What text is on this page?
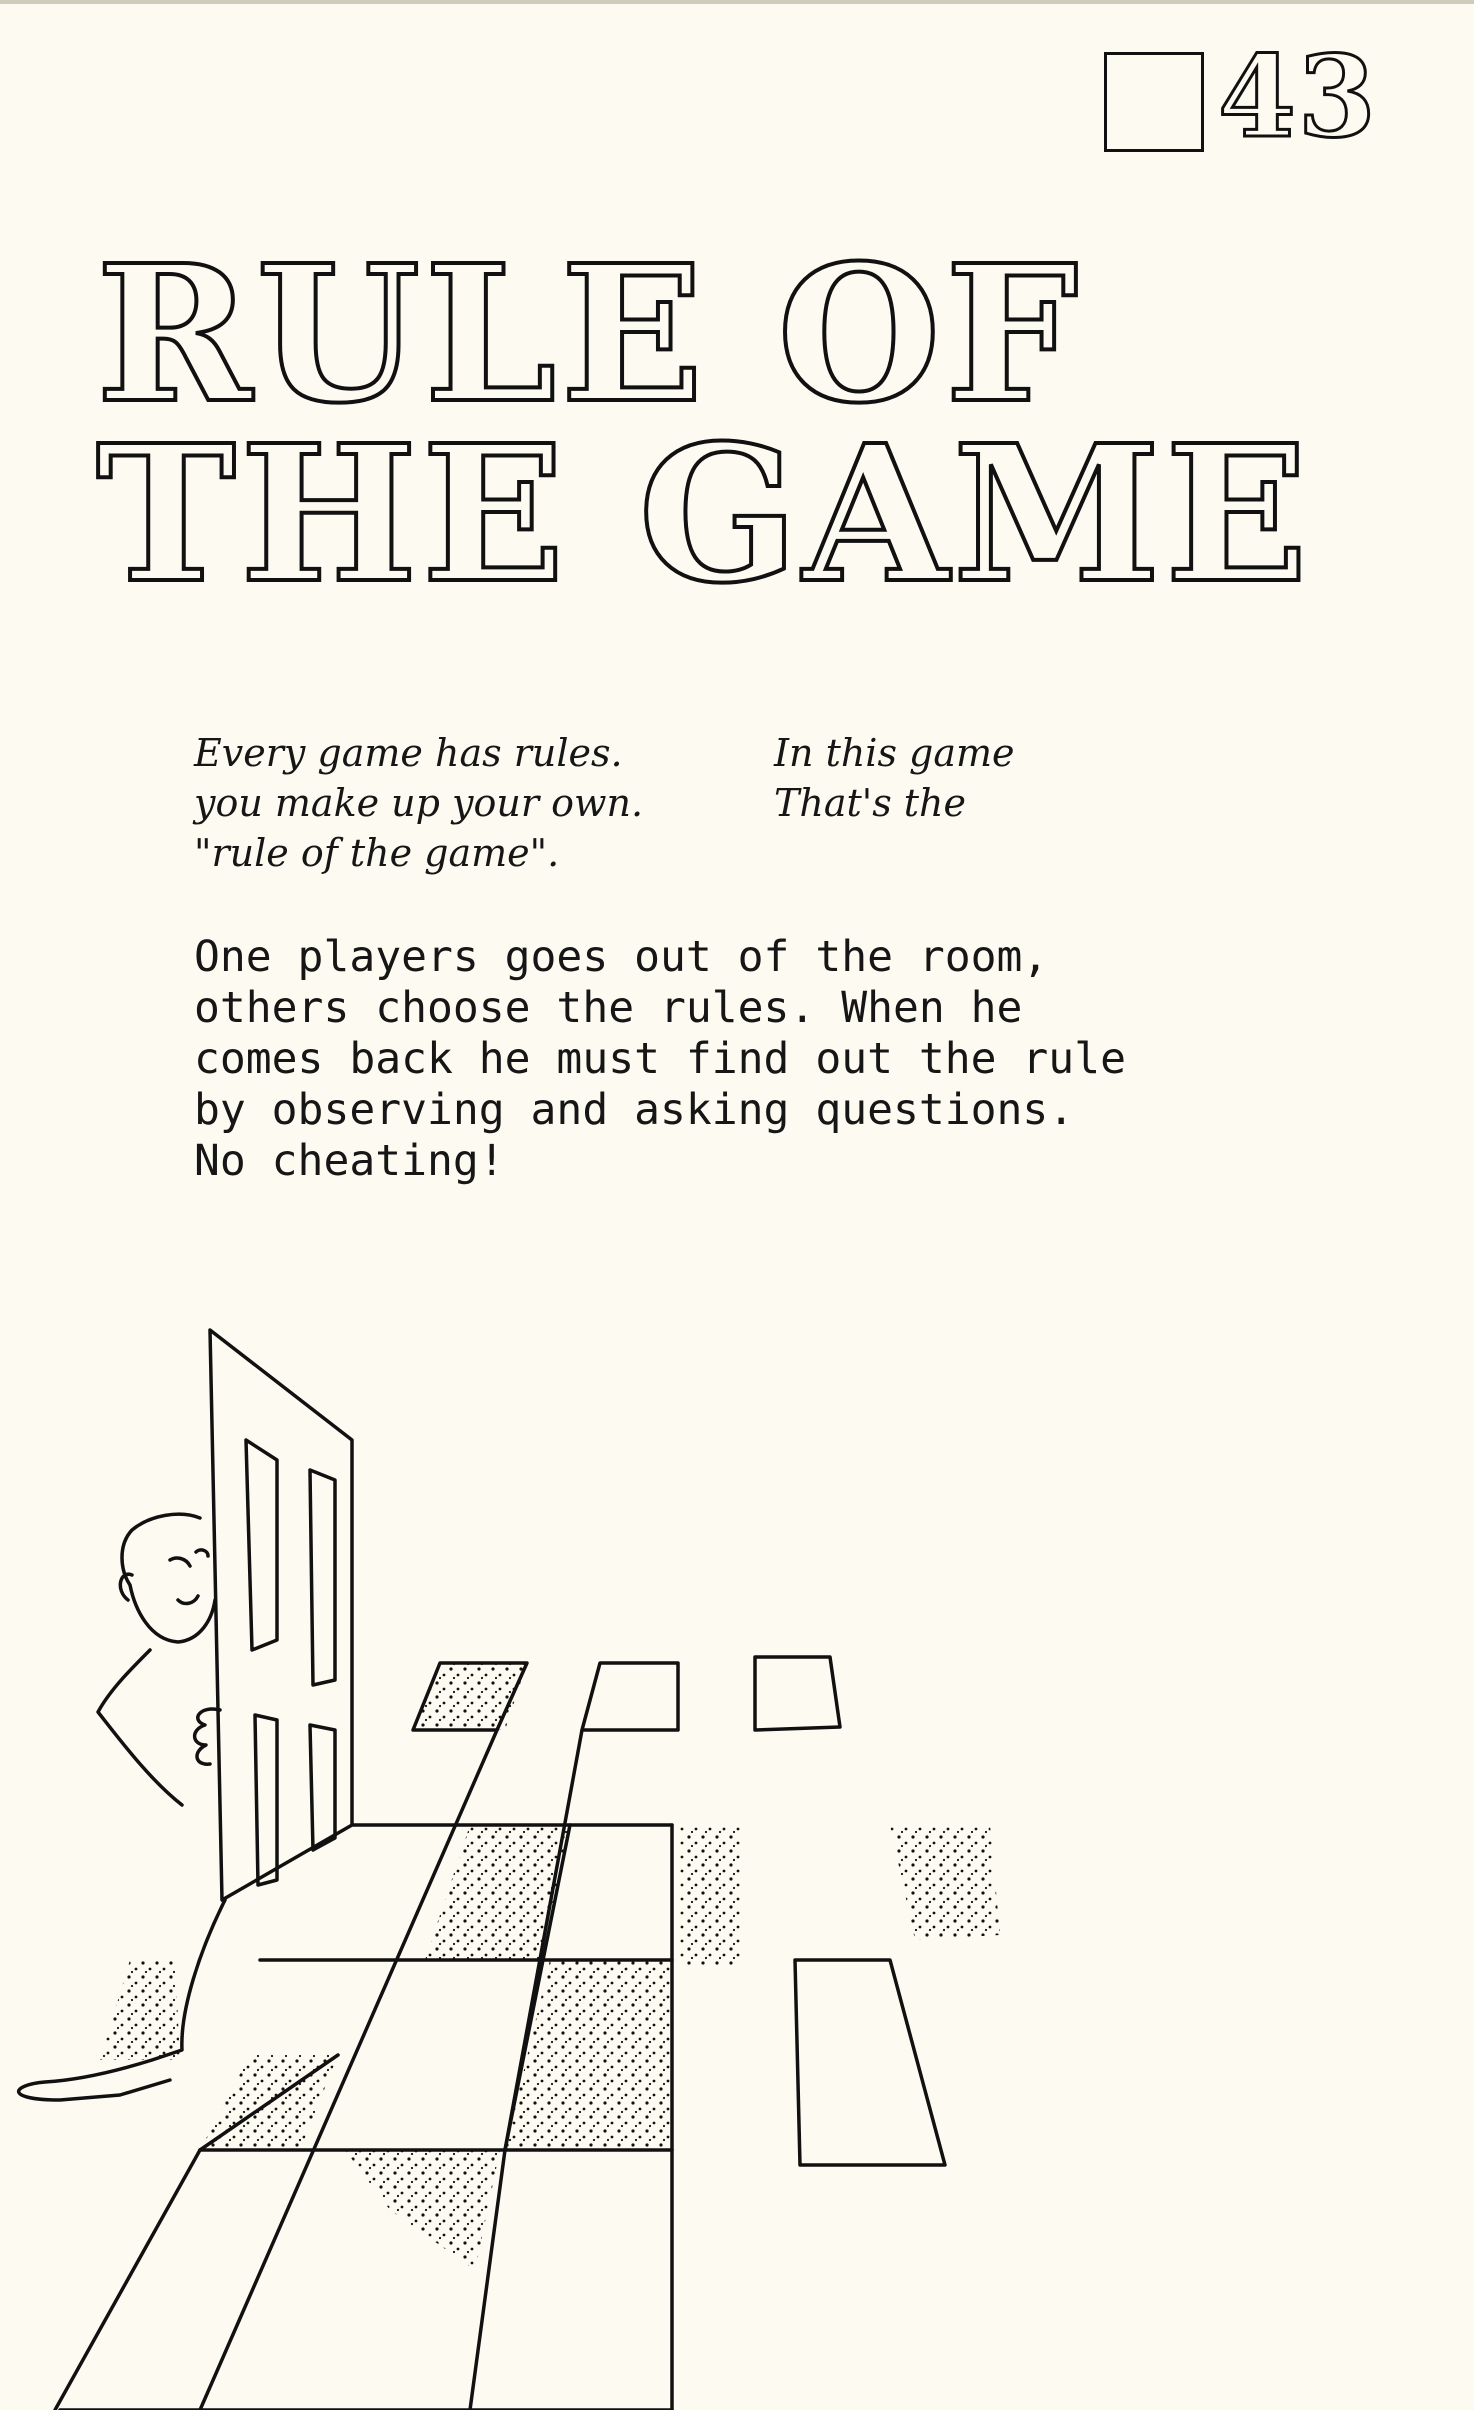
43
RULE OF
THE GAME
Every game has rules.	In this game
you make up your own.	That's the
"rule of the game".
One players goes out of the room,
others choose the rules. When he
comes back he must find out the rule
by observing and asking questions.
No cheating!
